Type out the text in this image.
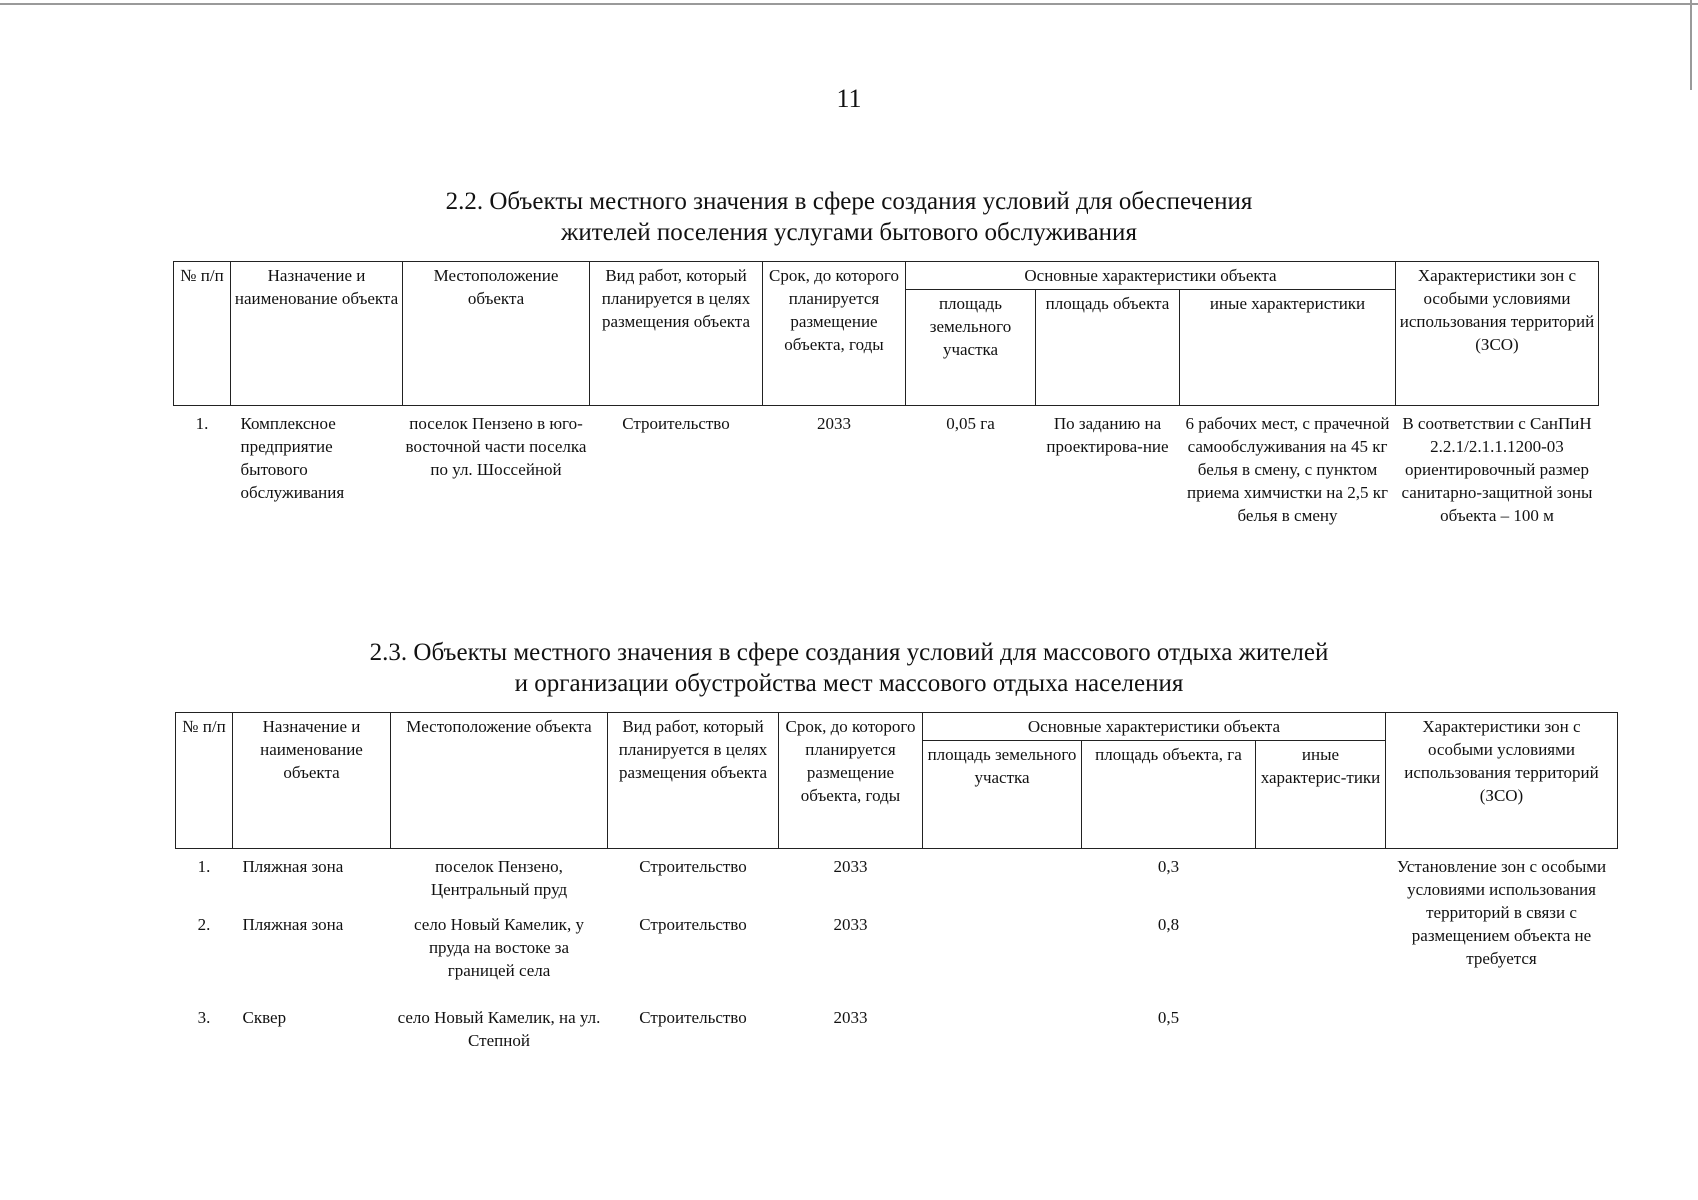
11
2.2. Объекты местного значения в сфере создания условий для обеспечения
жителей поселения услугами бытового обслуживания
№ п/п	Назначение и наименование объекта	Местоположение объекта	Вид работ, который планируется в целях размещения объекта	Срок, до которого планируется размещение объекта, годы	Основные характеристики объекта			Характеристики зон с особыми условиями использования территорий (ЗСО)
					площадь земельного участка	площадь объекта	иные характеристики	
1.	Комплексное предприятие бытового обслуживания	поселок Пензено в юго-восточной части поселка по ул. Шоссейной	Строительство	2033	0,05 га	По заданию на проектирова-ние	6 рабочих мест, с прачечной самообслуживания на 45 кг белья в смену, с пунктом приема химчистки на 2,5 кг белья в смену	В соответствии с СанПиН 2.2.1/2.1.1.1200-03 ориентировочный размер санитарно-защитной зоны объекта – 100 м
2.3. Объекты местного значения в сфере создания условий для массового отдыха жителей
и организации обустройства мест массового отдыха населения
№ п/п	Назначение и наименование объекта	Местоположение объекта	Вид работ, который планируется в целях размещения объекта	Срок, до которого планируется размещение объекта, годы	Основные характеристики объекта			Характеристики зон с особыми условиями использования территорий (ЗСО)
					площадь земельного участка	площадь объекта, га	иные характерис-тики	
1.	Пляжная зона	поселок Пензено, Центральный пруд	Строительство	2033		0,3		Установление зон с особыми условиями использования территорий в связи с размещением объекта не требуется
2.	Пляжная зона	село Новый Камелик, у пруда на востоке за границей села	Строительство	2033		0,8		
3.	Сквер	село Новый Камелик, на ул. Степной	Строительство	2033		0,5		
